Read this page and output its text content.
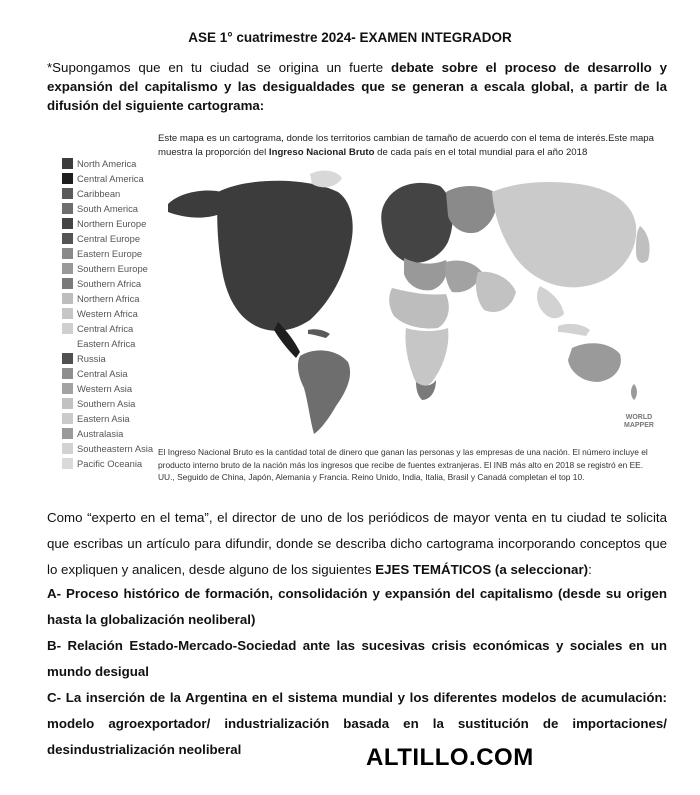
ASE 1° cuatrimestre 2024- EXAMEN INTEGRADOR
*Supongamos que en tu ciudad se origina un fuerte debate sobre el proceso de desarrollo y expansión del capitalismo y las desigualdades que se generan a escala global, a partir de la difusión del siguiente cartograma:
Este mapa es un cartograma, donde los territorios cambian de tamaño de acuerdo con el tema de interés.Este mapa
muestra la proporción del Ingreso Nacional Bruto de cada país en el total mundial para el año 2018
North America
Central America
Caribbean
South America
Northern Europe
Central Europe
Eastern Europe
Southern Europe
Southern Africa
Northern Africa
Western Africa
Central Africa
Eastern Africa
Russia
Central Asia
Western Asia
Southern Asia
Eastern Asia
Australasia
Southeastern Asia
Pacific Oceania
WORLD
MAPPER
El Ingreso Nacional Bruto es la cantidad total de dinero que ganan las personas y las empresas de una nación. El número incluye el producto interno bruto de la nación más los ingresos que recibe de fuentes extranjeras. El INB más alto en 2018 se registró en EE. UU., Seguido de China, Japón, Alemania y Francia. Reino Unido, India, Italia, Brasil y Canadá completan el top 10.
Como “experto en el tema”, el director de uno de los periódicos de mayor venta en tu ciudad te solicita que escribas un artículo para difundir, donde se describa dicho cartograma incorporando conceptos que lo expliquen y analicen, desde alguno de los siguientes EJES TEMÁTICOS (a seleccionar):
A- Proceso histórico de formación, consolidación y expansión del capitalismo (desde su origen hasta la globalización neoliberal)
B- Relación Estado-Mercado-Sociedad ante las sucesivas crisis económicas y sociales en un mundo desigual
C- La inserción de la Argentina en el sistema mundial y los diferentes modelos de acumulación: modelo agroexportador/ industrialización basada en la sustitución de importaciones/ desindustrialización neoliberal	ALTILLO.COM
